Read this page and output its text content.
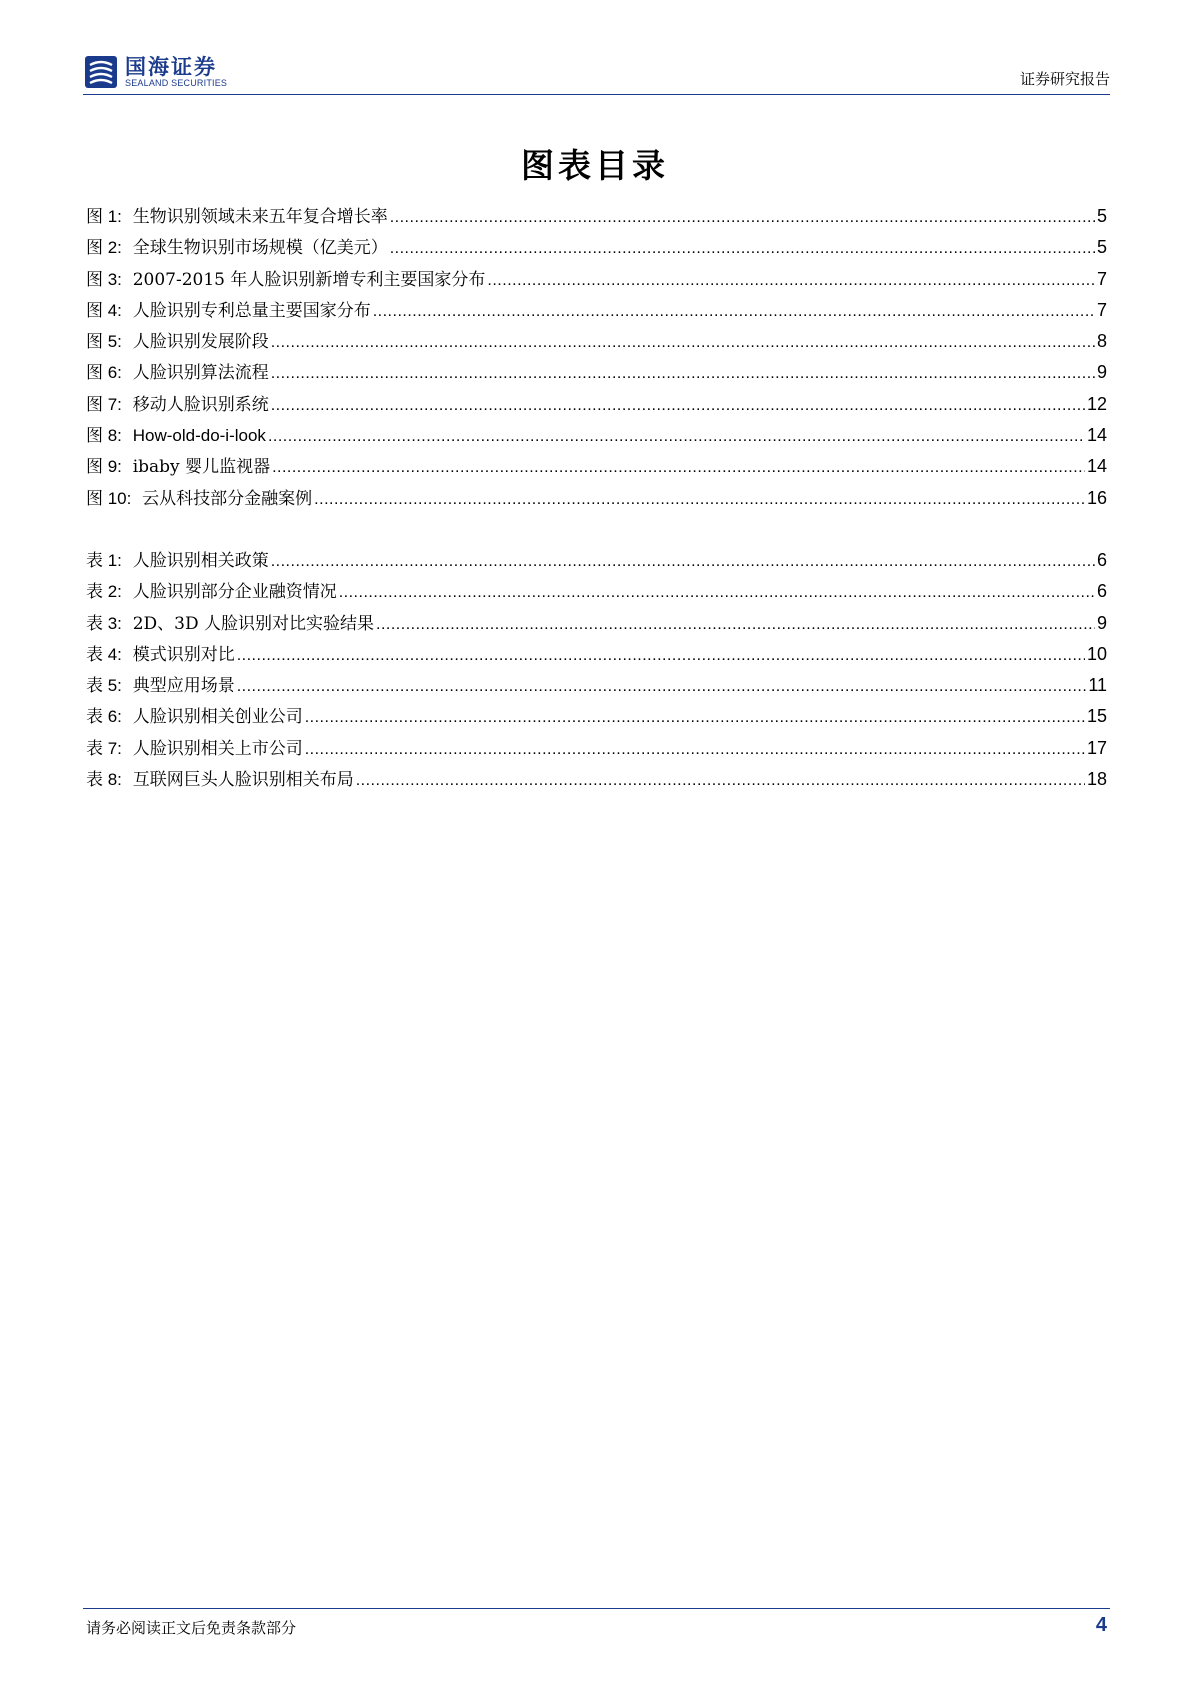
国海证券
SEALAND SECURITIES	证券研究报告
图表目录
图 1: 生物识别领域未来五年复合增长率 .....	5
图 2: 全球生物识别市场规模（亿美元） .....	5
图 3: 2007-2015 年人脸识别新增专利主要国家分布 .....	7
图 4: 人脸识别专利总量主要国家分布 .....	7
图 5: 人脸识别发展阶段 .....	8
图 6: 人脸识别算法流程 .....	9
图 7: 移动人脸识别系统 .....	12
图 8: How-old-do-i-look .....	14
图 9: ibaby 婴儿监视器 .....	14
图 10: 云从科技部分金融案例 .....	16
表 1: 人脸识别相关政策 .....	6
表 2: 人脸识别部分企业融资情况 .....	6
表 3: 2D、3D 人脸识别对比实验结果 .....	9
表 4: 模式识别对比 .....	10
表 5: 典型应用场景 .....	11
表 6: 人脸识别相关创业公司 .....	15
表 7: 人脸识别相关上市公司 .....	17
表 8: 互联网巨头人脸识别相关布局 .....	18
请务必阅读正文后免责条款部分	4
